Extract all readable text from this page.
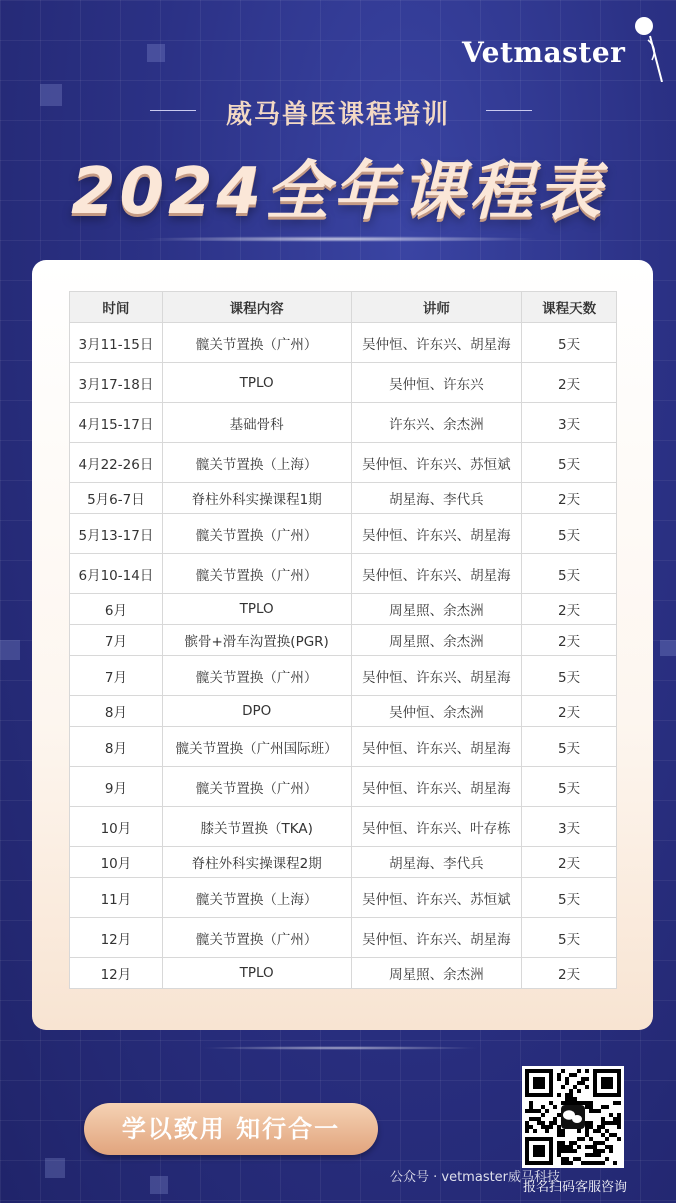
Vetmaster
威马兽医课程培训
2024全年课程表
时间	课程内容	讲师	课程天数
3月11-15日	髋关节置换（广州）	吴仲恒、许东兴、胡星海	5天
3月17-18日	TPLO	吴仲恒、许东兴	2天
4月15-17日	基础骨科	许东兴、余杰洲	3天
4月22-26日	髋关节置换（上海）	吴仲恒、许东兴、苏恒斌	5天
5月6-7日	脊柱外科实操课程1期	胡星海、李代兵	2天
5月13-17日	髋关节置换（广州）	吴仲恒、许东兴、胡星海	5天
6月10-14日	髋关节置换（广州）	吴仲恒、许东兴、胡星海	5天
6月	TPLO	周星照、余杰洲	2天
7月	髌骨+滑车沟置换(PGR)	周星照、余杰洲	2天
7月	髋关节置换（广州）	吴仲恒、许东兴、胡星海	5天
8月	DPO	吴仲恒、余杰洲	2天
8月	髋关节置换（广州国际班）	吴仲恒、许东兴、胡星海	5天
9月	髋关节置换（广州）	吴仲恒、许东兴、胡星海	5天
10月	膝关节置换（TKA)	吴仲恒、许东兴、叶存栋	3天
10月	脊柱外科实操课程2期	胡星海、李代兵	2天
11月	髋关节置换（上海）	吴仲恒、许东兴、苏恒斌	5天
12月	髋关节置换（广州）	吴仲恒、许东兴、胡星海	5天
12月	TPLO	周星照、余杰洲	2天
学以致用 知行合一
公众号 · vetmaster威马科技
报名扫码客服咨询
